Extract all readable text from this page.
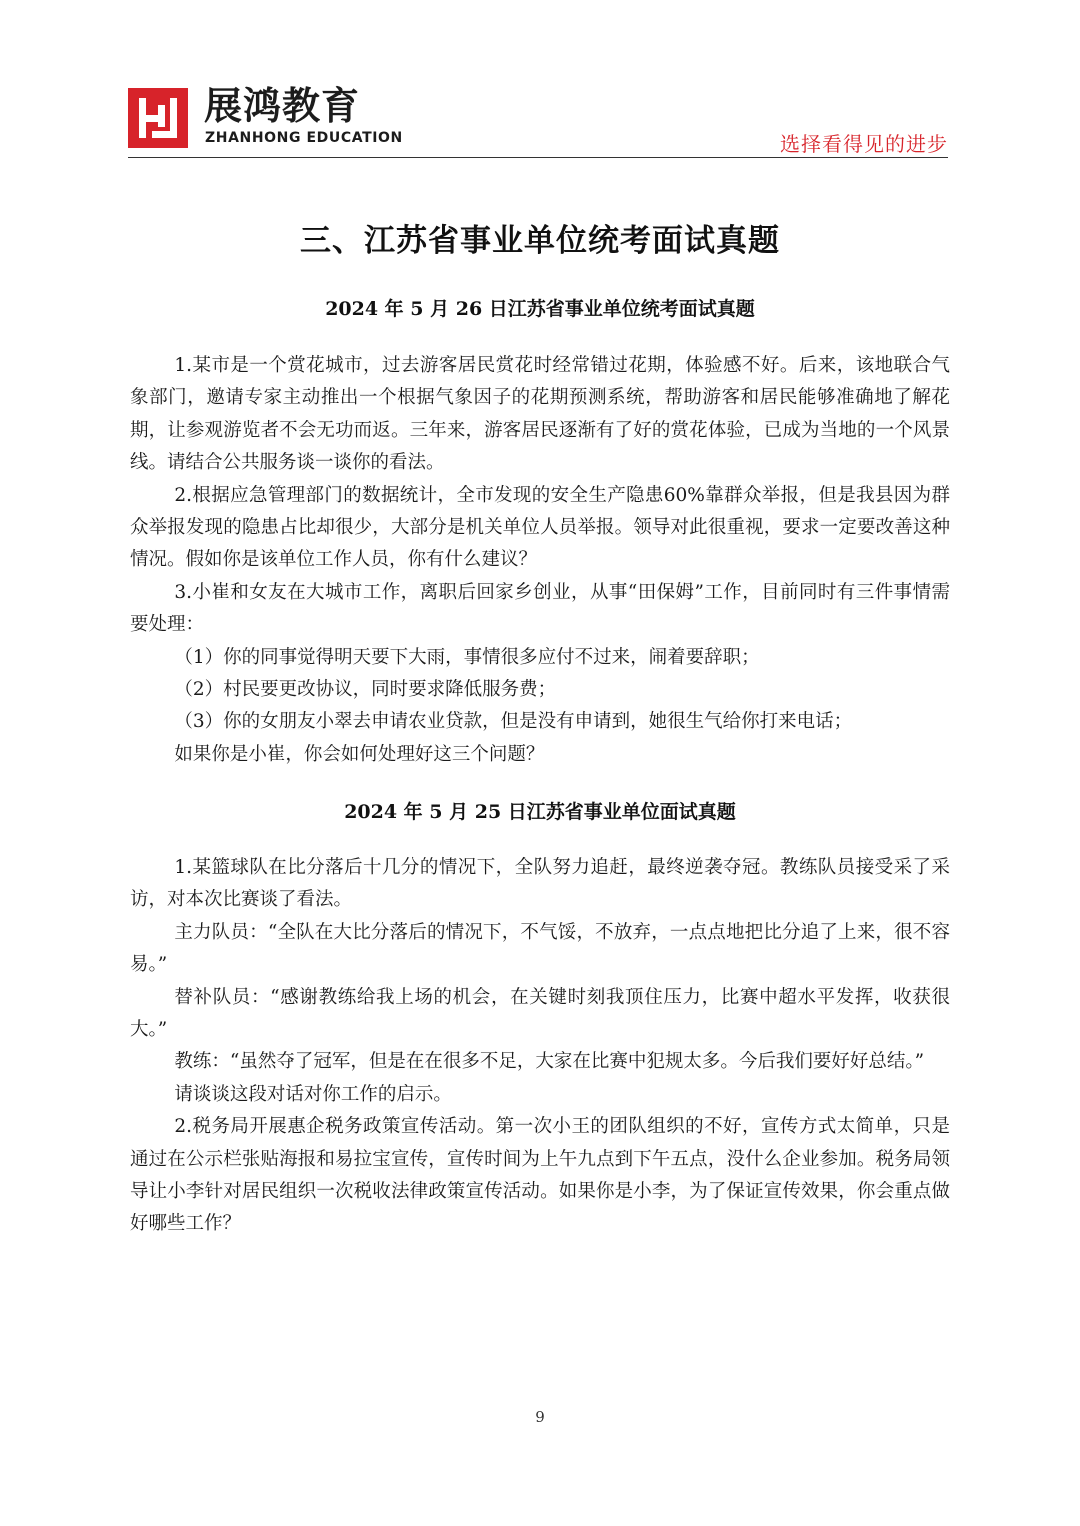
展鸿教育
ZHANHONG EDUCATION	选择看得见的进步
三、江苏省事业单位统考面试真题
2024 年 5 月 26 日江苏省事业单位统考面试真题

1.某市是一个赏花城市，过去游客居民赏花时经常错过花期，体验感不好。后来，该地联合气象部门，邀请专家主动推出一个根据气象因子的花期预测系统，帮助游客和居民能够准确地了解花期，让参观游览者不会无功而返。三年来，游客居民逐渐有了好的赏花体验，已成为当地的一个风景线。请结合公共服务谈一谈你的看法。

2.根据应急管理部门的数据统计，全市发现的安全生产隐患60%靠群众举报，但是我县因为群众举报发现的隐患占比却很少，大部分是机关单位人员举报。领导对此很重视，要求一定要改善这种情况。假如你是该单位工作人员，你有什么建议？

3.小崔和女友在大城市工作，离职后回家乡创业，从事“田保姆”工作，目前同时有三件事情需要处理：

（1）你的同事觉得明天要下大雨，事情很多应付不过来，闹着要辞职；

（2）村民要更改协议，同时要求降低服务费；

（3）你的女朋友小翠去申请农业贷款，但是没有申请到，她很生气给你打来电话；

如果你是小崔，你会如何处理好这三个问题？

2024 年 5 月 25 日江苏省事业单位面试真题

1.某篮球队在比分落后十几分的情况下，全队努力追赶，最终逆袭夺冠。教练队员接受采了采访，对本次比赛谈了看法。

主力队员：“全队在大比分落后的情况下，不气馁，不放弃，一点点地把比分追了上来，很不容易。”

替补队员：“感谢教练给我上场的机会，在关键时刻我顶住压力，比赛中超水平发挥，收获很大。”

教练：“虽然夺了冠军，但是在在很多不足，大家在比赛中犯规太多。今后我们要好好总结。”

请谈谈这段对话对你工作的启示。

2.税务局开展惠企税务政策宣传活动。第一次小王的团队组织的不好，宣传方式太简单，只是通过在公示栏张贴海报和易拉宝宣传，宣传时间为上午九点到下午五点，没什么企业参加。税务局领导让小李针对居民组织一次税收法律政策宣传活动。如果你是小李，为了保证宣传效果，你会重点做好哪些工作？

9
